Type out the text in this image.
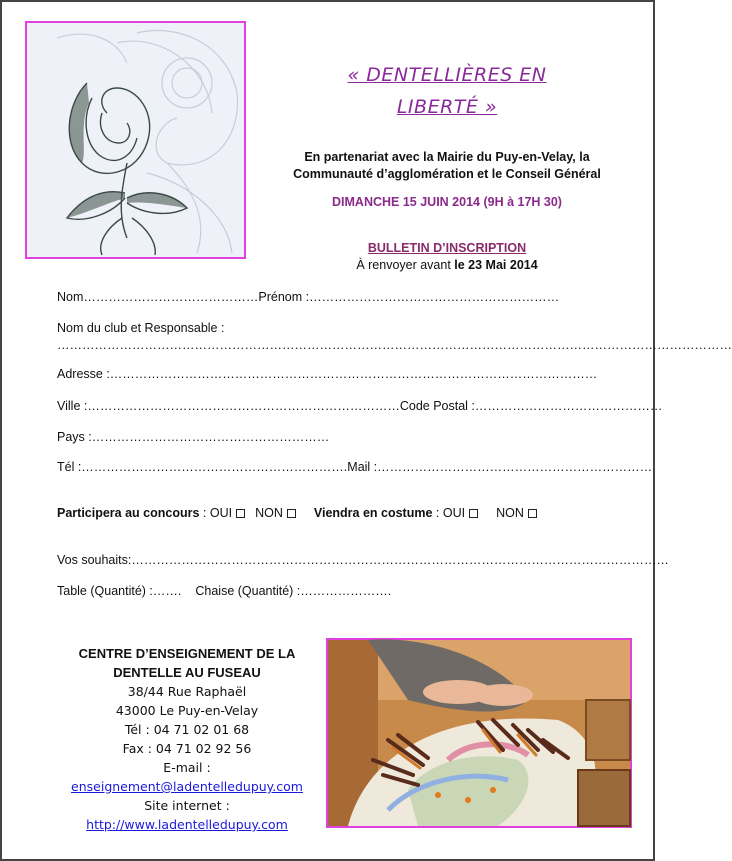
« DENTELLIÈRES EN
LIBERTÉ »
En partenariat avec la Mairie du Puy-en-Velay, la
Communauté d’agglomération et le Conseil Général
DIMANCHE 15 JUIN 2014 (9H à 17H 30)
BULLETIN D’INSCRIPTION
À renvoyer avant le 23 Mai 2014
Nom……………………………………Prénom :……………………………………………………
Nom du club et Responsable :
………………………………………………………………………………………………………………………………………………
Adresse :………………………………………………………………………………………………………
Ville :…………………………………………………………………Code Postal :………………………………………
Pays :…………………………………………………
Tél :……………………………………………………….Mail :…………………………………………………………
Participera au concours : OUI NON Viendra en costume : OUI NON
Vos souhaits:…………………………………………………………………………………………………………………
Table (Quantité) :……. Chaise (Quantité) :………………….
CENTRE D’ENSEIGNEMENT DE LA
DENTELLE AU FUSEAU
38/44 Rue Raphaël
43000 Le Puy-en-Velay
Tél : 04 71 02 01 68
Fax : 04 71 02 92 56
E-mail :
enseignement@ladentelledupuy.com
Site internet :
http://www.ladentelledupuy.com
